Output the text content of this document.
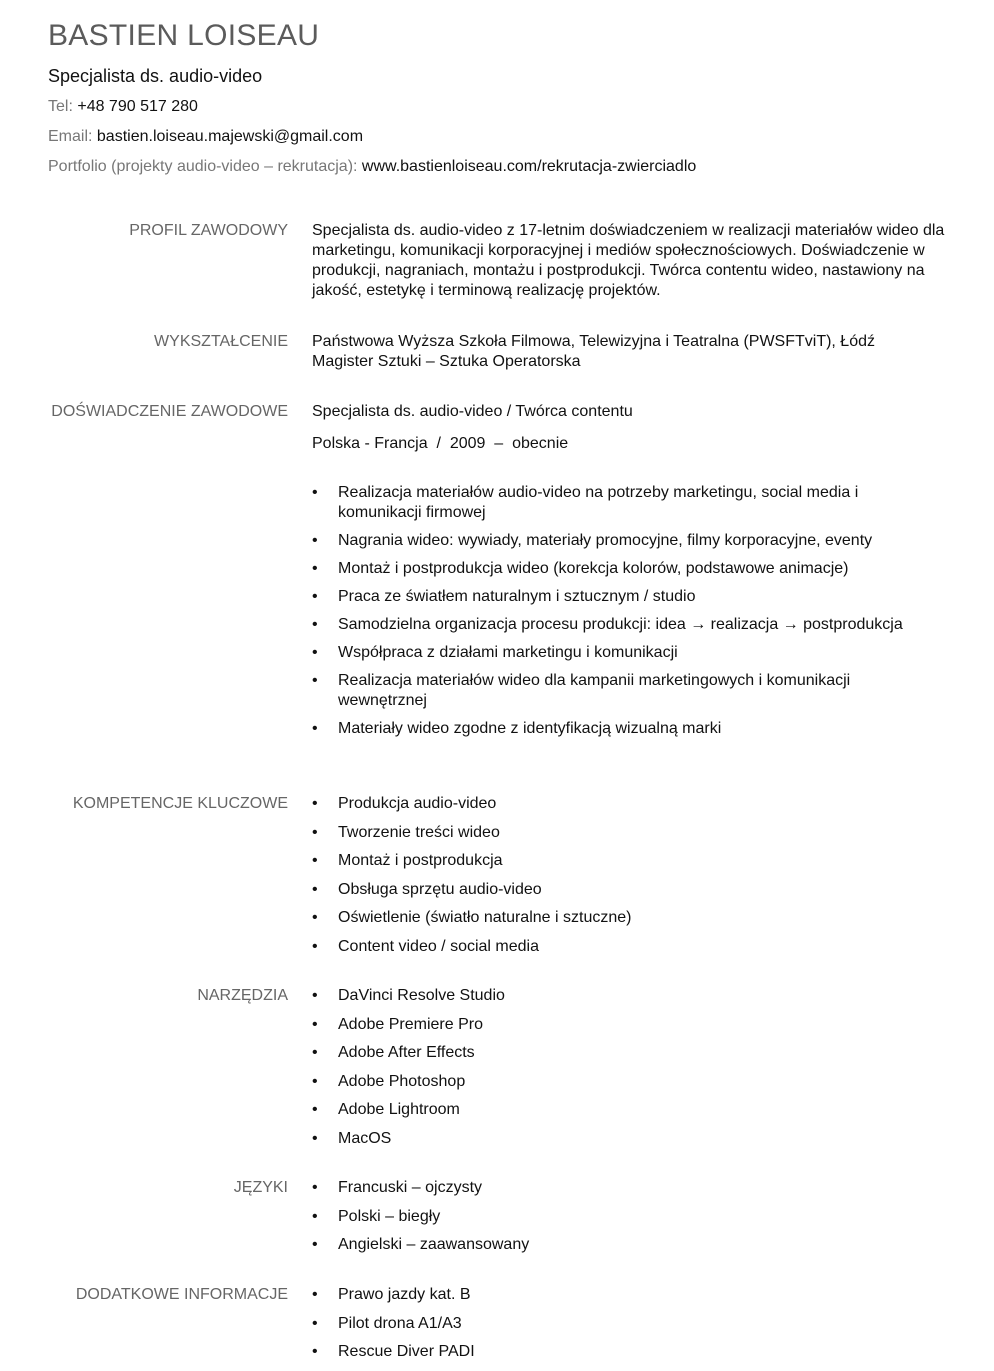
BASTIEN LOISEAU
Specjalista ds. audio-video
Tel: +48 790 517 280
Email: bastien.loiseau.majewski@gmail.com
Portfolio (projekty audio-video – rekrutacja): www.bastienloiseau.com/rekrutacja-zwierciadlo
PROFIL ZAWODOWY Specjalista ds. audio-video z 17-letnim doświadczeniem w realizacji materiałów wideo dla marketingu, komunikacji korporacyjnej i mediów społecznościowych. Doświadczenie w produkcji, nagraniach, montażu i postprodukcji. Twórca contentu wideo, nastawiony na jakość, estetykę i terminową realizację projektów.

WYKSZTAŁCENIE Państwowa Wyższa Szkoła Filmowa, Telewizyjna i Teatralna (PWSFTviT), Łódź
Magister Sztuki – Sztuka Operatorska
DOŚWIADCZENIE ZAWODOWE Specjalista ds. audio-video / Twórca contentu
Polska - Francja  /  2009  –  obecnie
• Realizacja materiałów audio-video na potrzeby marketingu, social media i komunikacji firmowej
• Nagrania wideo: wywiady, materiały promocyjne, filmy korporacyjne, eventy
• Montaż i postprodukcja wideo (korekcja kolorów, podstawowe animacje)
• Praca ze światłem naturalnym i sztucznym / studio
• Samodzielna organizacja procesu produkcji: idea → realizacja → postprodukcja
• Współpraca z działami marketingu i komunikacji
• Realizacja materiałów wideo dla kampanii marketingowych i komunikacji wewnętrznej
• Materiały wideo zgodne z identyfikacją wizualną marki
KOMPETENCJE KLUCZOWE	• Produkcja audio-video
• Tworzenie treści wideo
• Montaż i postprodukcja
• Obsługa sprzętu audio-video
• Oświetlenie (światło naturalne i sztuczne)
• Content video / social media
NARZĘDZIA	• DaVinci Resolve Studio
• Adobe Premiere Pro
• Adobe After Effects
• Adobe Photoshop
• Adobe Lightroom
• MacOS
JĘZYKI	• Francuski – ojczysty
• Polski – biegły
• Angielski – zaawansowany
DODATKOWE INFORMACJE	• Prawo jazdy kat. B
• Pilot drona A1/A3
• Rescue Diver PADI
